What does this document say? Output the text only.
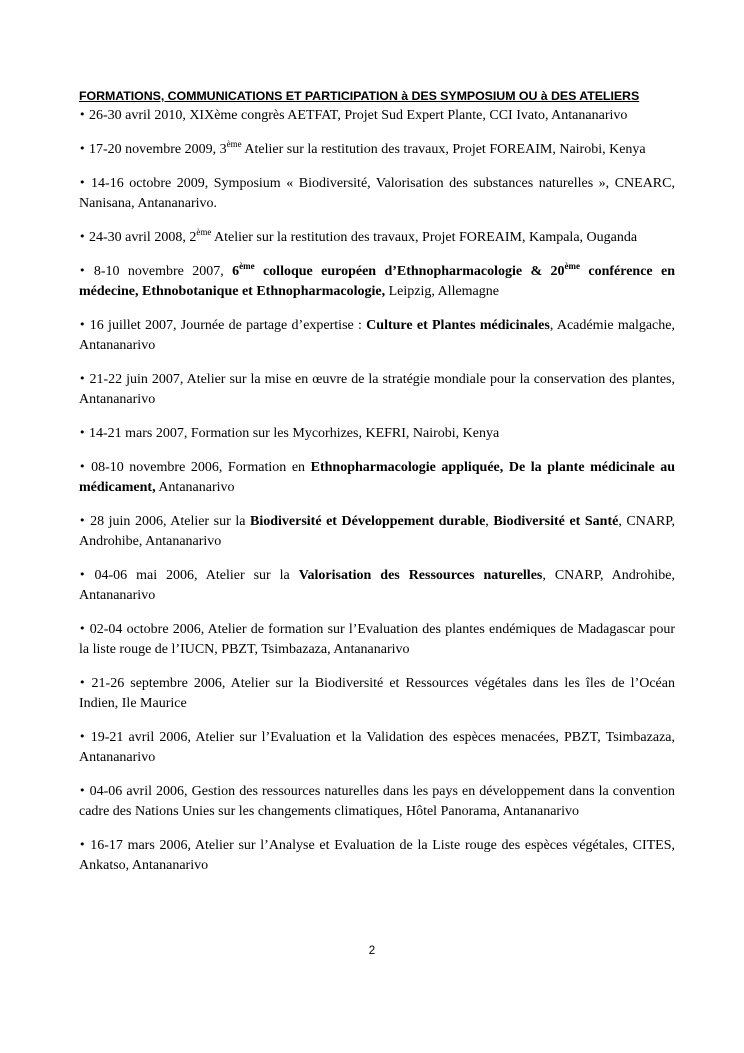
FORMATIONS, COMMUNICATIONS ET PARTICIPATION à DES SYMPOSIUM OU à DES ATELIERS
• 26-30 avril 2010, XIXème congrès AETFAT, Projet Sud Expert Plante, CCI Ivato, Antananarivo
• 17-20 novembre 2009, 3ème Atelier sur la restitution des travaux, Projet FOREAIM, Nairobi, Kenya
• 14-16 octobre 2009, Symposium « Biodiversité, Valorisation des substances naturelles », CNEARC, Nanisana, Antananarivo.
• 24-30 avril 2008, 2ème Atelier sur la restitution des travaux, Projet FOREAIM, Kampala, Ouganda
• 8-10 novembre 2007, 6ème colloque européen d’Ethnopharmacologie & 20ème conférence en médecine, Ethnobotanique et Ethnopharmacologie, Leipzig, Allemagne
• 16 juillet 2007, Journée de partage d’expertise : Culture et Plantes médicinales, Académie malgache, Antananarivo
• 21-22 juin 2007, Atelier sur la mise en œuvre de la stratégie mondiale pour la conservation des plantes, Antananarivo
• 14-21 mars 2007, Formation sur les Mycorhizes, KEFRI, Nairobi, Kenya
• 08-10 novembre 2006, Formation en Ethnopharmacologie appliquée, De la plante médicinale au médicament, Antananarivo
• 28 juin 2006, Atelier sur la Biodiversité et Développement durable, Biodiversité et Santé, CNARP, Androhibe, Antananarivo
• 04-06 mai 2006, Atelier sur la Valorisation des Ressources naturelles, CNARP, Androhibe, Antananarivo
• 02-04 octobre 2006, Atelier de formation sur l’Evaluation des plantes endémiques de Madagascar pour la liste rouge de l’IUCN, PBZT, Tsimbazaza, Antananarivo
• 21-26 septembre 2006, Atelier sur la Biodiversité et Ressources végétales dans les îles de l’Océan Indien, Ile Maurice
• 19-21 avril 2006, Atelier sur l’Evaluation et la Validation des espèces menacées, PBZT, Tsimbazaza, Antananarivo
• 04-06 avril 2006, Gestion des ressources naturelles dans les pays en développement dans la convention cadre des Nations Unies sur les changements climatiques, Hôtel Panorama, Antananarivo
• 16-17 mars 2006, Atelier sur l’Analyse et Evaluation de la Liste rouge des espèces végétales, CITES, Ankatso, Antananarivo
2
